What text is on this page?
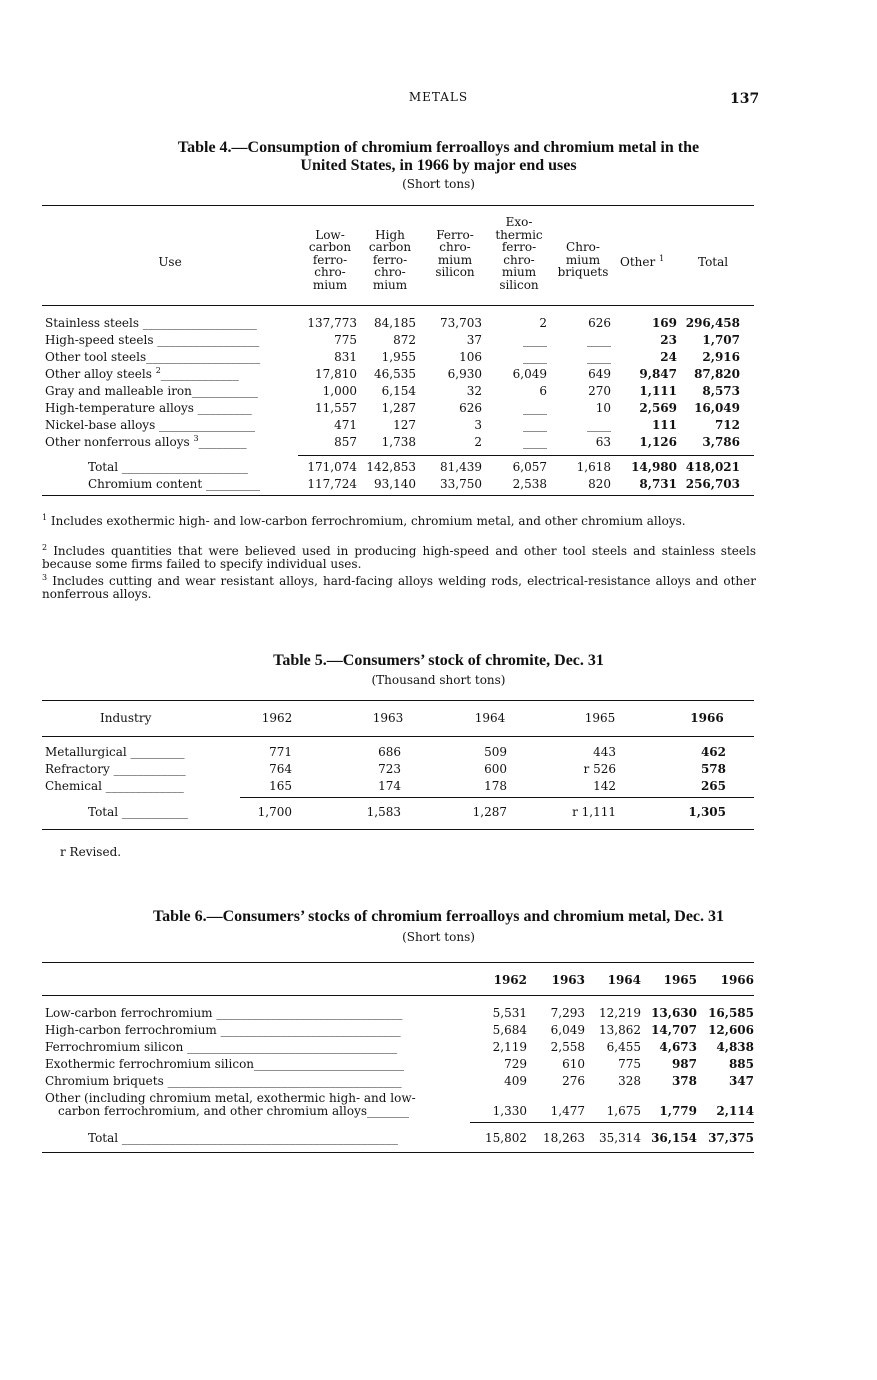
METALS	137
Table 4.—Consumption of chromium ferroalloys and chromium metal in the
United States, in 1966 by major end uses
(Short tons)
Use

Low-
carbon
ferro-
chro-
mium

High
carbon
ferro-
chro-
mium

Ferro-
chro-
mium
silicon

Exo-
thermic
ferro-
chro-
mium
silicon

Chro-
mium
briquets

Other $^1$	Total
Stainless steels ___________________	137,773	84,185	73,703	2	626	169 296,458
High-speed steels _________________	775	872	37	____	____	23	1,707
Other tool steels___________________	831	1,955	106	____	____	24	2,916
Other alloy steels $^2$_____________	17,810	46,535	6,930	6,049	649	9,847	87,820
Gray and malleable iron___________	1,000	6,154	32	6	270	1,111	8,573
High-temperature alloys _________	11,557	1,287	626	____	10	2,569	16,049
Nickel-base alloys ________________	471	127	3	____	____	111	712
Other nonferrous alloys $^3$________	857	1,738	2	____	63	1,126	3,786
Total _____________________	171,074 142,853	81,439	6,057	1,618	14,980 418,021
Chromium content _________	117,724	93,140	33,750	2,538	820	8,731 256,703
$^1$ Includes exothermic high- and low-carbon ferrochromium, chromium metal, and other chromium alloys.
$^2$ Includes quantities that were believed used in producing high-speed and other tool steels and stainless steels because some firms failed to specify individual uses.
$^3$ Includes cutting and wear resistant alloys, hard-facing alloys welding rods, electrical-resistance alloys and other nonferrous alloys.
Table 5.—Consumers’ stock of chromite, Dec. 31
(Thousand short tons)
Industry	1962	1963	1964	1965	1966
Metallurgical _________	771	686	509	443	462
Refractory ____________	764	723	600	r 526	578
Chemical _____________	165	174	178	142	265
Total ___________	1,700	1,583	1,287	r 1,111	1,305
r Revised.
Table 6.—Consumers’ stocks of chromium ferroalloys and chromium metal, Dec. 31
(Short tons)
1962	1963	1964	1965	1966
Low-carbon ferrochromium _______________________________	5,531	7,293	12,219 13,630 16,585
High-carbon ferrochromium ______________________________	5,684	6,049	13,862 14,707 12,606
Ferrochromium silicon ___________________________________	2,119	2,558	6,455	4,673	4,838
Exothermic ferrochromium silicon_________________________	729	610	775	987	885
Chromium briquets _______________________________________	409	276	328	378	347
Other (including chromium metal, exothermic high- and low-
carbon ferrochromium, and other chromium alloys_______	1,330	1,477	1,675	1,779	2,114
Total ______________________________________________	15,802	18,263	35,314 36,154 37,375
